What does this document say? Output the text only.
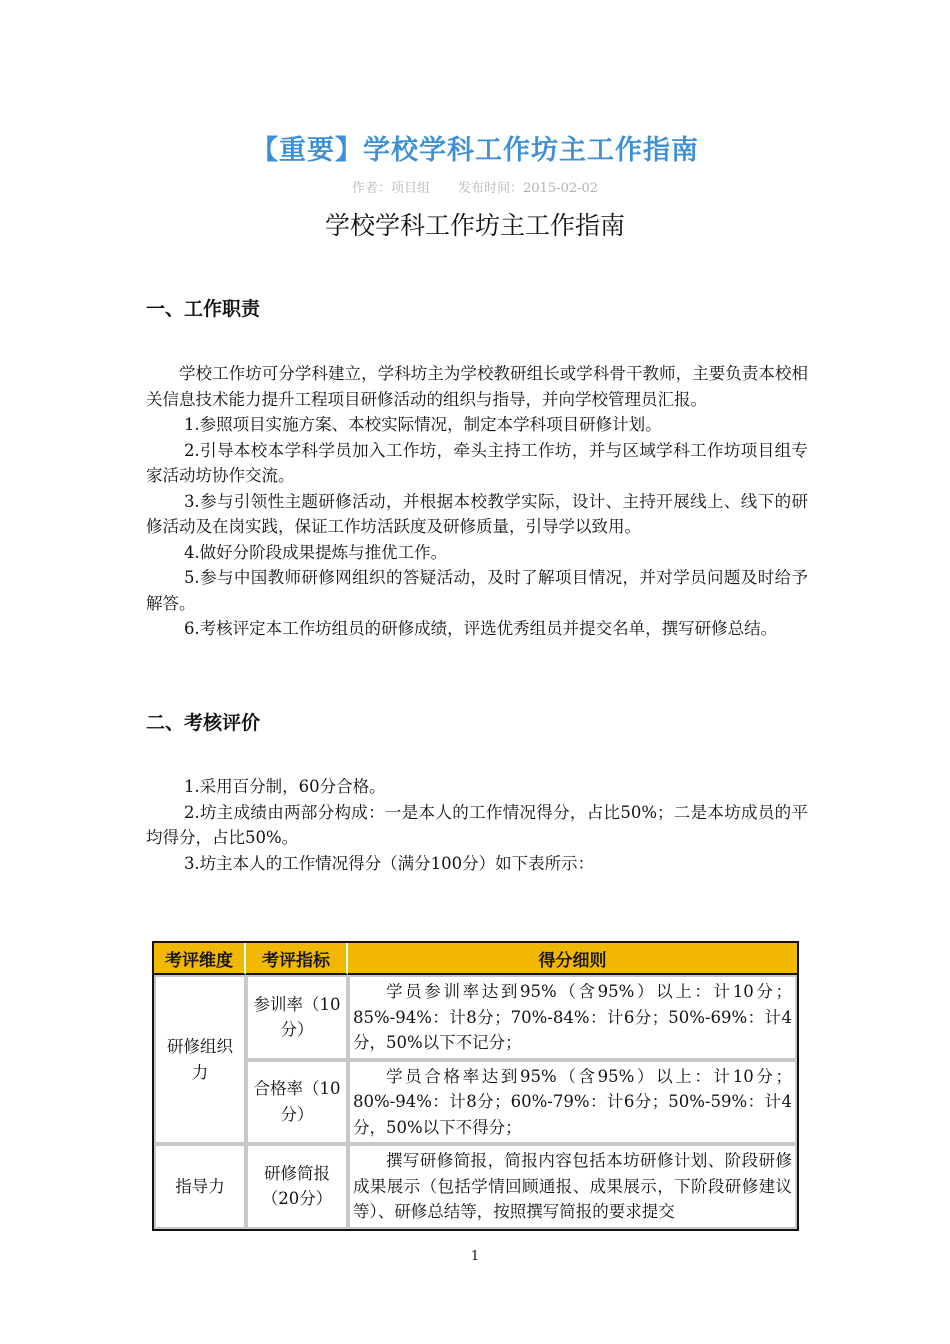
【重要】学校学科工作坊主工作指南
作者：项目组 发布时间：2015-02-02
学校学科工作坊主工作指南
一、工作职责

学校工作坊可分学科建立，学科坊主为学校教研组长或学科骨干教师，主要负责本校相关信息技术能力提升工程项目研修活动的组织与指导，并向学校管理员汇报。

1.参照项目实施方案、本校实际情况，制定本学科项目研修计划。

2.引导本校本学科学员加入工作坊，牵头主持工作坊，并与区域学科工作坊项目组专家活动坊协作交流。

3.参与引领性主题研修活动，并根据本校教学实际，设计、主持开展线上、线下的研修活动及在岗实践，保证工作坊活跃度及研修质量，引导学以致用。

4.做好分阶段成果提炼与推优工作。

5.参与中国教师研修网组织的答疑活动，及时了解项目情况，并对学员问题及时给予解答。

6.考核评定本工作坊组员的研修成绩，评选优秀组员并提交名单，撰写研修总结。

二、考核评价

1.采用百分制，60分合格。

2.坊主成绩由两部分构成：一是本人的工作情况得分，占比50%；二是本坊成员的平均得分，占比50%。

3.坊主本人的工作情况得分（满分100分）如下表所示：

考评维度	考评指标	得分细则
研修组织力	参训率（10分）	学员参训率达到95%（含95%）以上：计10分；85%-94%：计8分；70%-84%：计6分；50%-69%：计4分，50%以下不记分；

	合格率（10分）	学员合格率达到95%（含95%）以上：计10分；80%-94%：计8分；60%-79%：计6分；50%-59%：计4分，50%以下不得分；

指导力	研修简报（20分）	撰写研修简报，简报内容包括本坊研修计划、阶段研修成果展示（包括学情回顾通报、成果展示，下阶段研修建议等）、研修总结等，按照撰写简报的要求提交
1
